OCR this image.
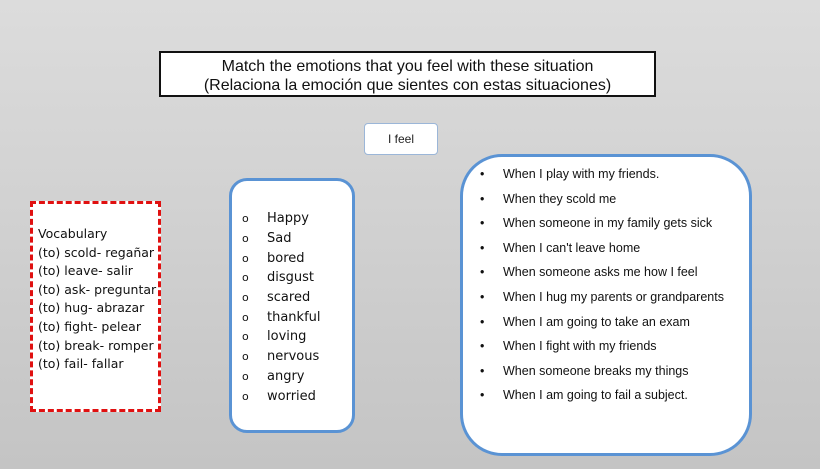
Match the emotions that you feel with these situation
(Relaciona la emoción que sientes con estas situaciones)
I feel
Vocabulary
(to) scold- regañar
(to) leave- salir
(to) ask- preguntar
(to) hug- abrazar
(to) fight- pelear
(to) break- romper
(to) fail- fallar
o	Happy
o	Sad
o	bored
o	disgust
o	scared
o	thankful
o	loving
o	nervous
o	angry
o	worried
•	When I play with my friends.
•	When they scold me
•	When someone in my family gets sick
•	When I can't leave home
•	When someone asks me how I feel
•	When I hug my parents or grandparents
•	When I am going to take an exam
•	When I fight with my friends
•	When someone breaks my things
•	When I am going to fail a subject.
